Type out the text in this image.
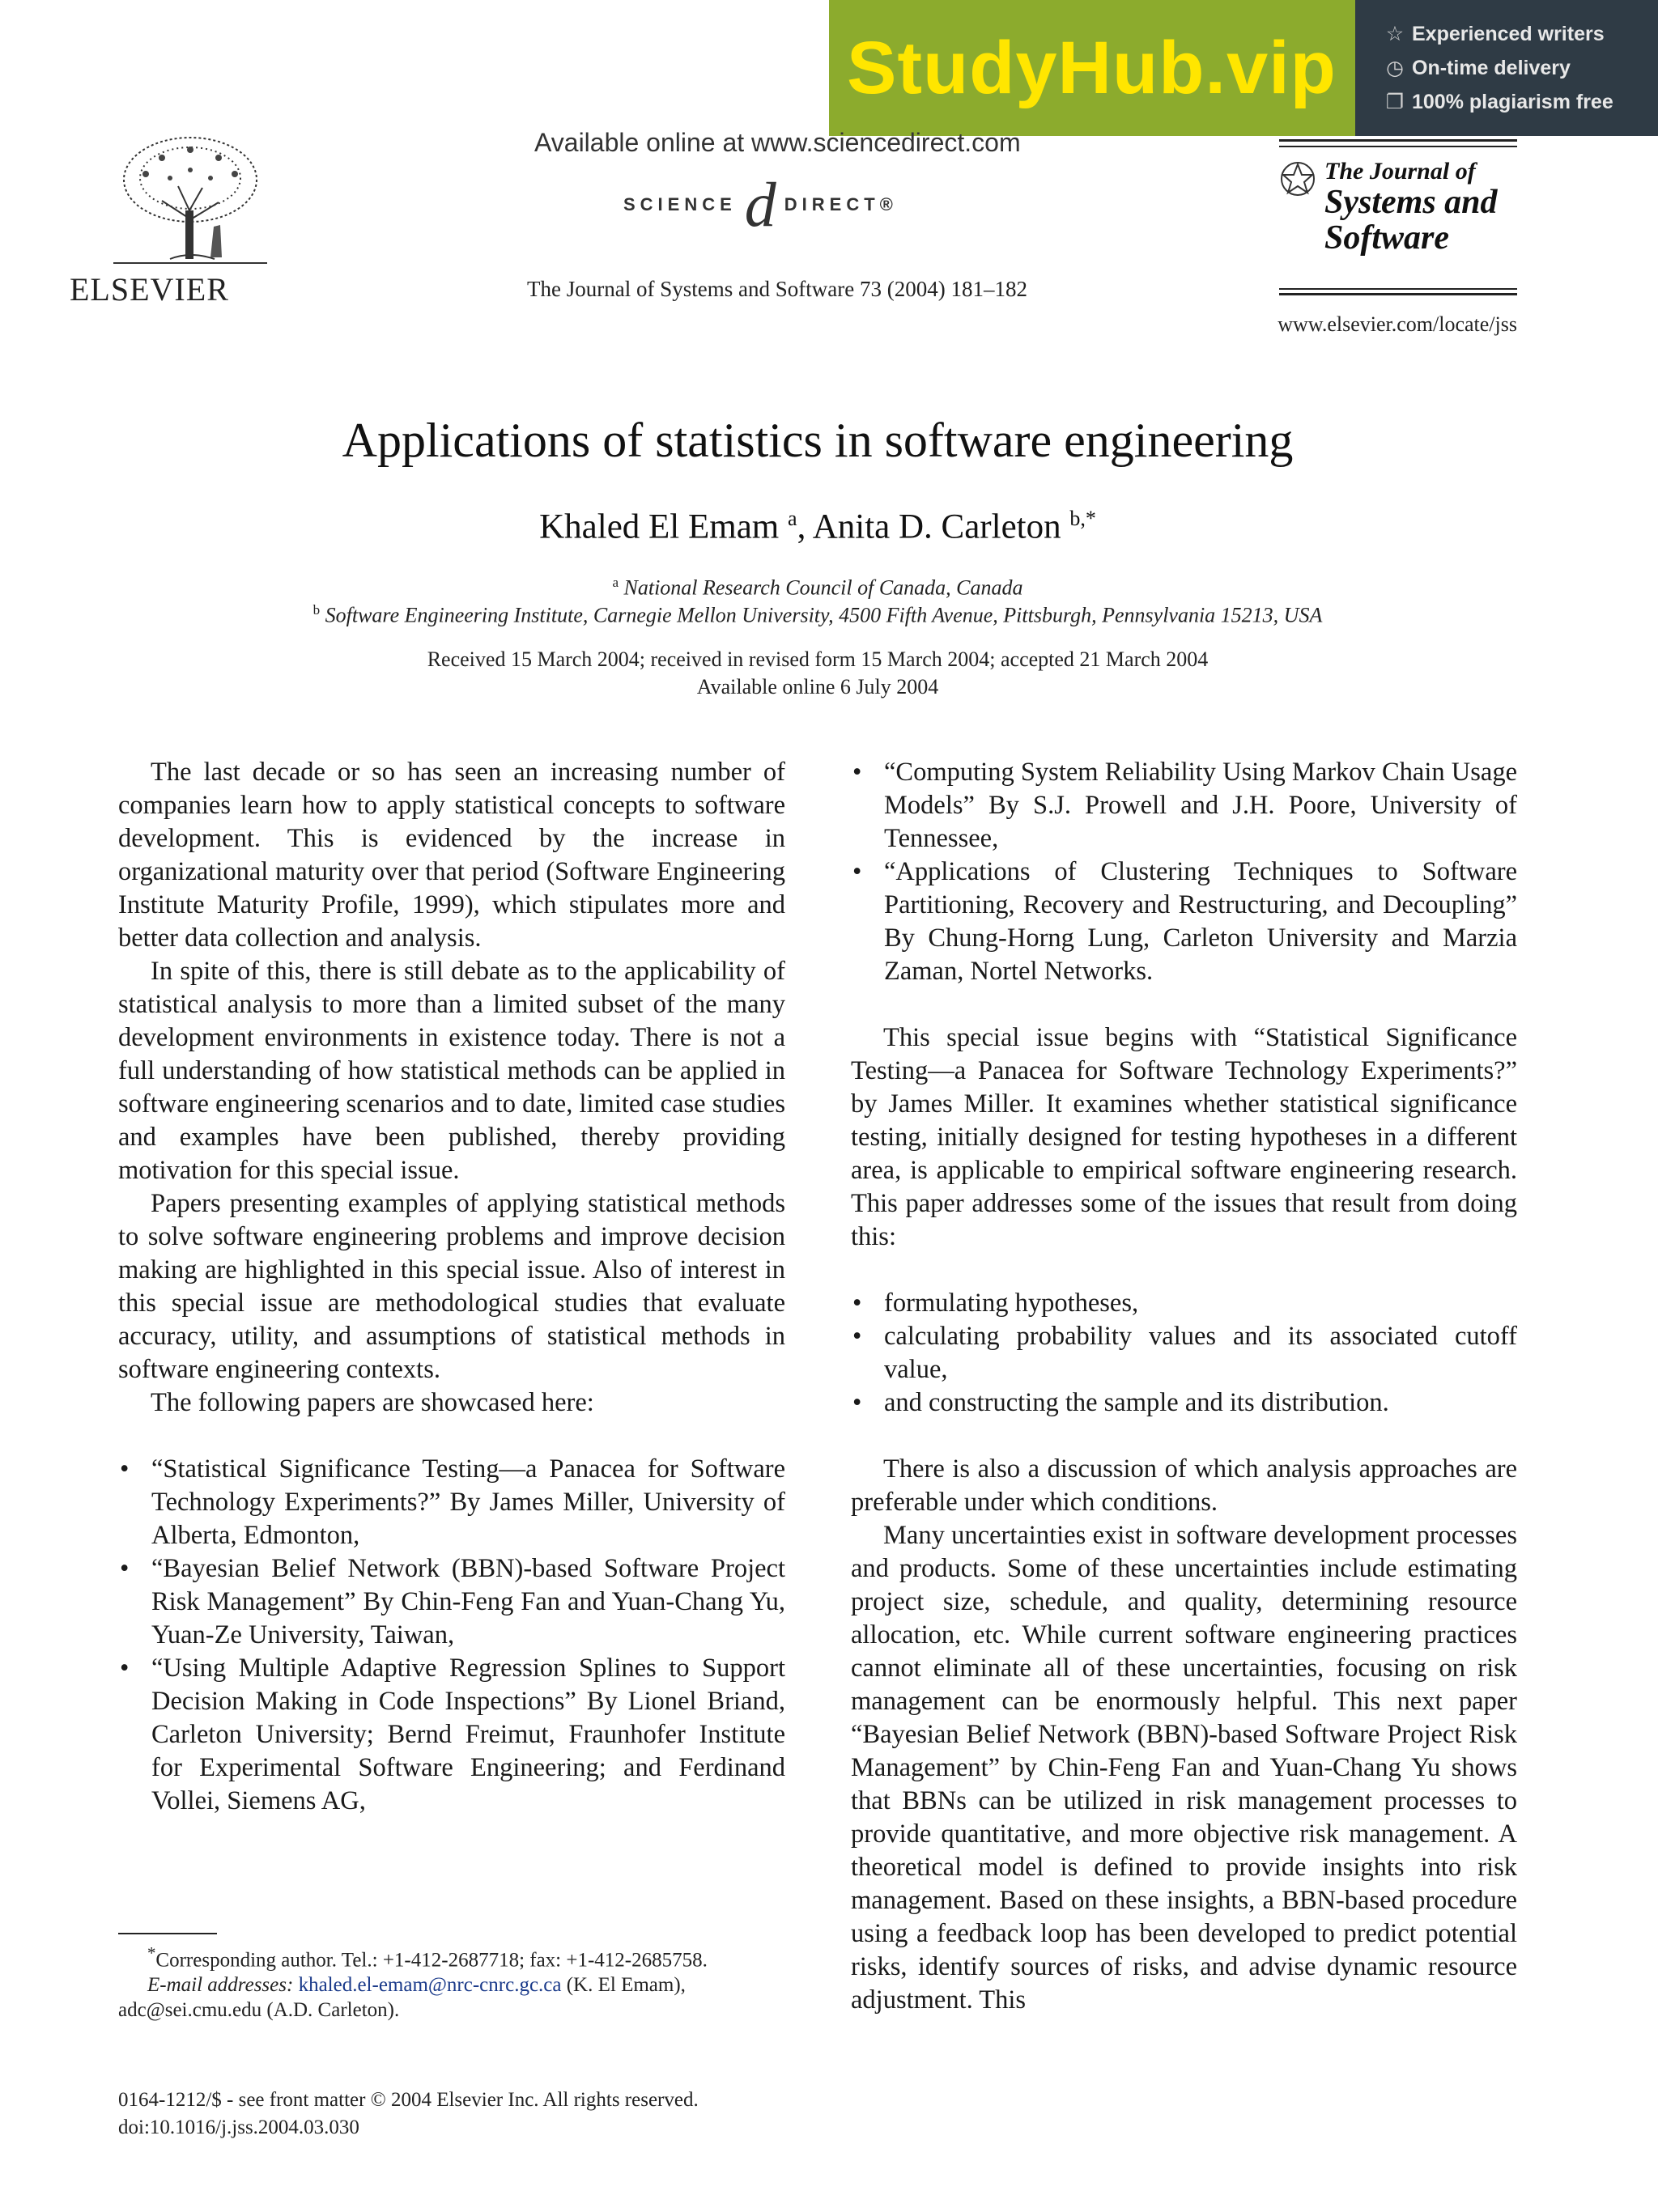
StudyHub.vip	☆ Experienced writers
◷ On-time delivery
❐ 100% plagiarism free
ELSEVIER
Available online at www.sciencedirect.com
SCIENCE d DIRECT®
The Journal of Systems and Software 73 (2004) 181–182
The Journal of
Systems and
Software
www.elsevier.com/locate/jss
Applications of statistics in software engineering
Khaled El Emam $^a$, Anita D. Carleton $^{b,*}$
$^a$ National Research Council of Canada, Canada
$^b$ Software Engineering Institute, Carnegie Mellon University, 4500 Fifth Avenue, Pittsburgh, Pennsylvania 15213, USA
Received 15 March 2004; received in revised form 15 March 2004; accepted 21 March 2004
Available online 6 July 2004

The last decade or so has seen an increasing number of companies learn how to apply statistical concepts to software development. This is evidenced by the increase in organizational maturity over that period (Software Engineering Institute Maturity Profile, 1999), which stipulates more and better data collection and analysis.

In spite of this, there is still debate as to the applicability of statistical analysis to more than a limited subset of the many development environments in existence today. There is not a full understanding of how statistical methods can be applied in software engineering scenarios and to date, limited case studies and examples have been published, thereby providing motivation for this special issue.

Papers presenting examples of applying statistical methods to solve software engineering problems and improve decision making are highlighted in this special issue. Also of interest in this special issue are methodological studies that evaluate accuracy, utility, and assumptions of statistical methods in software engineering contexts.

The following papers are showcased here:

• “Statistical Significance Testing—a Panacea for Software Technology Experiments?” By James Miller, University of Alberta, Edmonton,
• “Bayesian Belief Network (BBN)-based Software Project Risk Management” By Chin-Feng Fan and Yuan-Chang Yu, Yuan-Ze University, Taiwan,
• “Using Multiple Adaptive Regression Splines to Support Decision Making in Code Inspections” By Lionel Briand, Carleton University; Bernd Freimut, Fraunhofer Institute for Experimental Software Engineering; and Ferdinand Vollei, Siemens AG,
• “Computing System Reliability Using Markov Chain Usage Models” By S.J. Prowell and J.H. Poore, University of Tennessee,
• “Applications of Clustering Techniques to Software Partitioning, Recovery and Restructuring, and Decoupling” By Chung-Horng Lung, Carleton University and Marzia Zaman, Nortel Networks.

This special issue begins with “Statistical Significance Testing—a Panacea for Software Technology Experiments?” by James Miller. It examines whether statistical significance testing, initially designed for testing hypotheses in a different area, is applicable to empirical software engineering research. This paper addresses some of the issues that result from doing this:

• formulating hypotheses,
• calculating probability values and its associated cutoff value,
• and constructing the sample and its distribution.

There is also a discussion of which analysis approaches are preferable under which conditions.

Many uncertainties exist in software development processes and products. Some of these uncertainties include estimating project size, schedule, and quality, determining resource allocation, etc. While current software engineering practices cannot eliminate all of these uncertainties, focusing on risk management can be enormously helpful. This next paper “Bayesian Belief Network (BBN)-based Software Project Risk Management” by Chin-Feng Fan and Yuan-Chang Yu shows that BBNs can be utilized in risk management processes to provide quantitative, and more objective risk management. A theoretical model is defined to provide insights into risk management. Based on these insights, a BBN-based procedure using a feedback loop has been developed to predict potential risks, identify sources of risks, and advise dynamic resource adjustment. This

*Corresponding author. Tel.: +1-412-2687718; fax: +1-412-2685758.
E-mail addresses: khaled.el-emam@nrc-cnrc.gc.ca (K. El Emam),
adc@sei.cmu.edu (A.D. Carleton).
0164-1212/$ - see front matter © 2004 Elsevier Inc. All rights reserved.
doi:10.1016/j.jss.2004.03.030
